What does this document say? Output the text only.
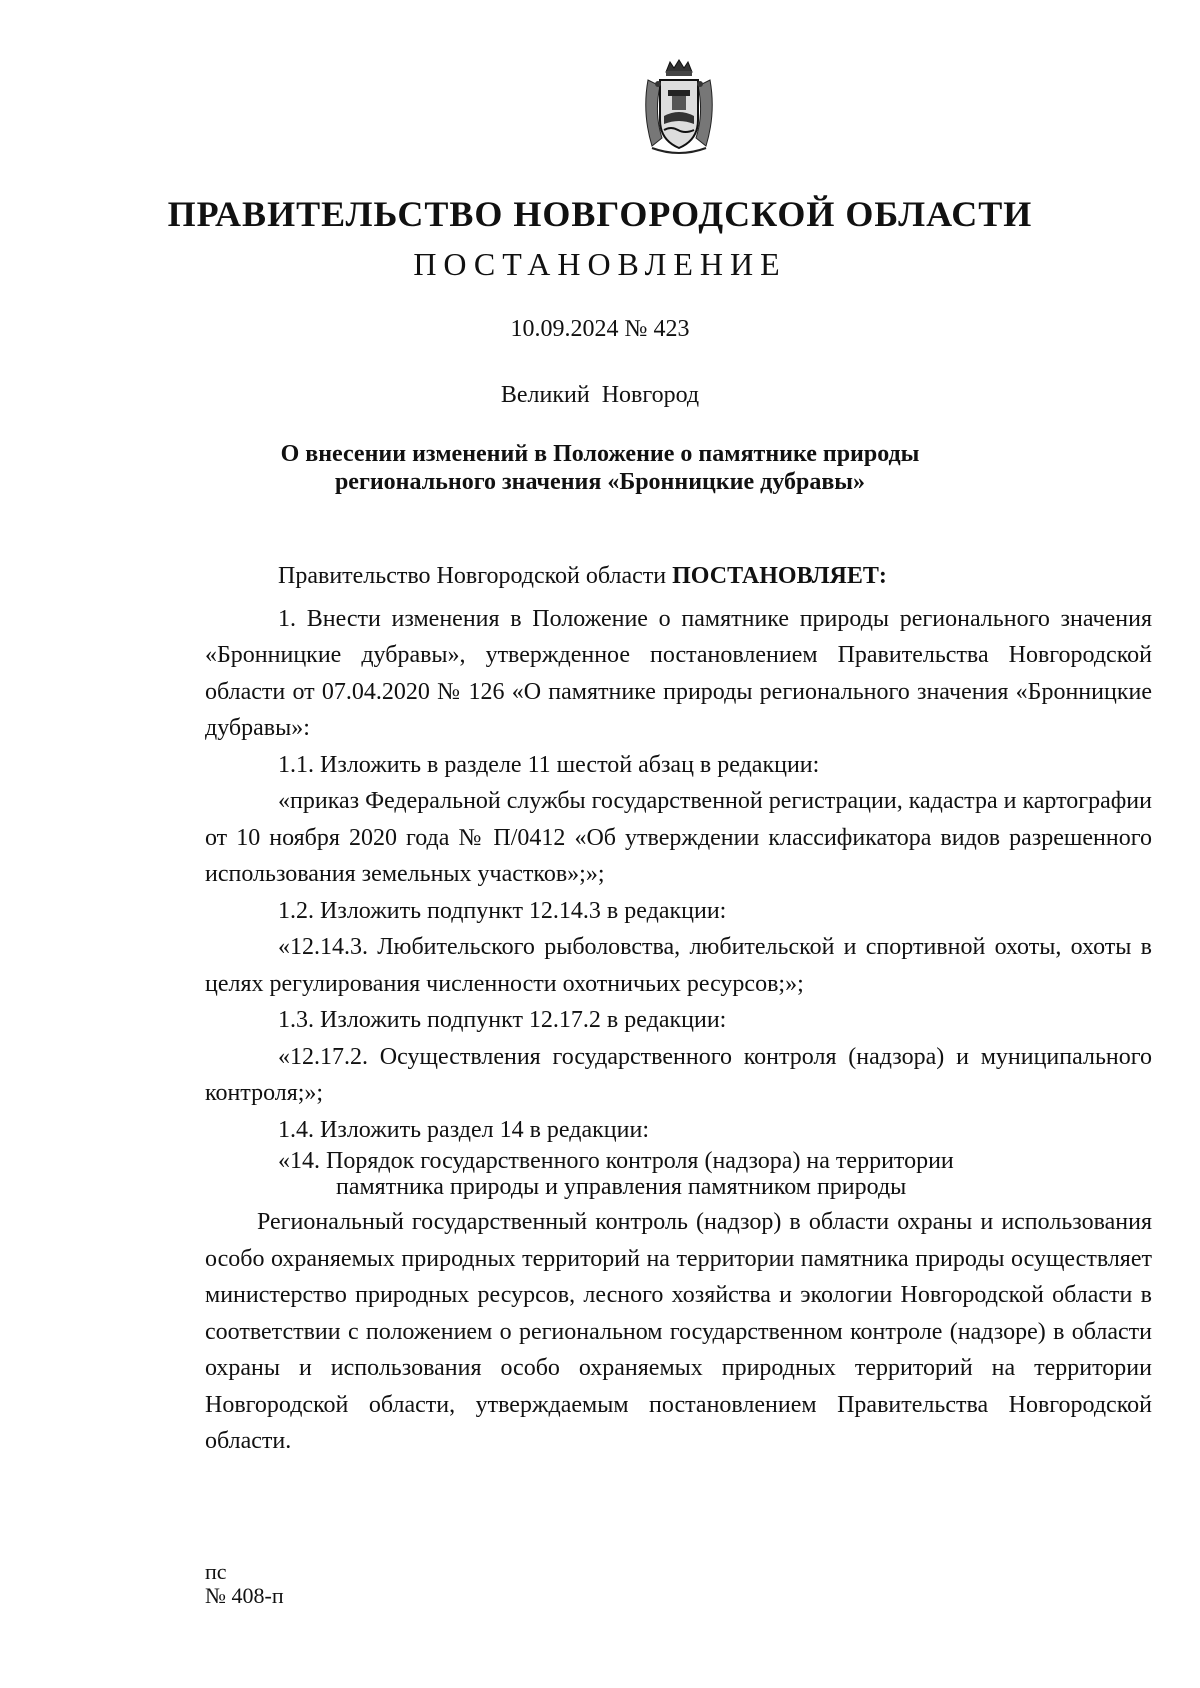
ПРАВИТЕЛЬСТВО НОВГОРОДСКОЙ ОБЛАСТИ
ПОСТАНОВЛЕНИЕ
10.09.2024 № 423
Великий Новгород
О внесении изменений в Положение о памятнике природы
регионального значения «Бронницкие дубравы»

Правительство Новгородской области ПОСТАНОВЛЯЕТ:

1. Внести изменения в Положение о памятнике природы регионального значения «Бронницкие дубравы», утвержденное постановлением Правительства Новгородской области от 07.04.2020 № 126 «О памятнике природы регионального значения «Бронницкие дубравы»:

1.1. Изложить в разделе 11 шестой абзац в редакции:

«приказ Федеральной службы государственной регистрации, кадастра и картографии от 10 ноября 2020 года № П/0412 «Об утверждении классификатора видов разрешенного использования земельных участков»;»;

1.2. Изложить подпункт 12.14.3 в редакции:

«12.14.3. Любительского рыболовства, любительской и спортивной охоты, охоты в целях регулирования численности охотничьих ресурсов;»;

1.3. Изложить подпункт 12.17.2 в редакции:

«12.17.2. Осуществления государственного контроля (надзора) и муниципального контроля;»;

1.4. Изложить раздел 14 в редакции:

«14. Порядок государственного контроля (надзора) на территории
памятника природы и управления памятником природы

Региональный государственный контроль (надзор) в области охраны и использования особо охраняемых природных территорий на территории памятника природы осуществляет министерство природных ресурсов, лесного хозяйства и экологии Новгородской области в соответствии с положением о региональном государственном контроле (надзоре) в области охраны и использования особо охраняемых природных территорий на территории Новгородской области, утверждаемым постановлением Правительства Новгородской области.

пс
№ 408-п
